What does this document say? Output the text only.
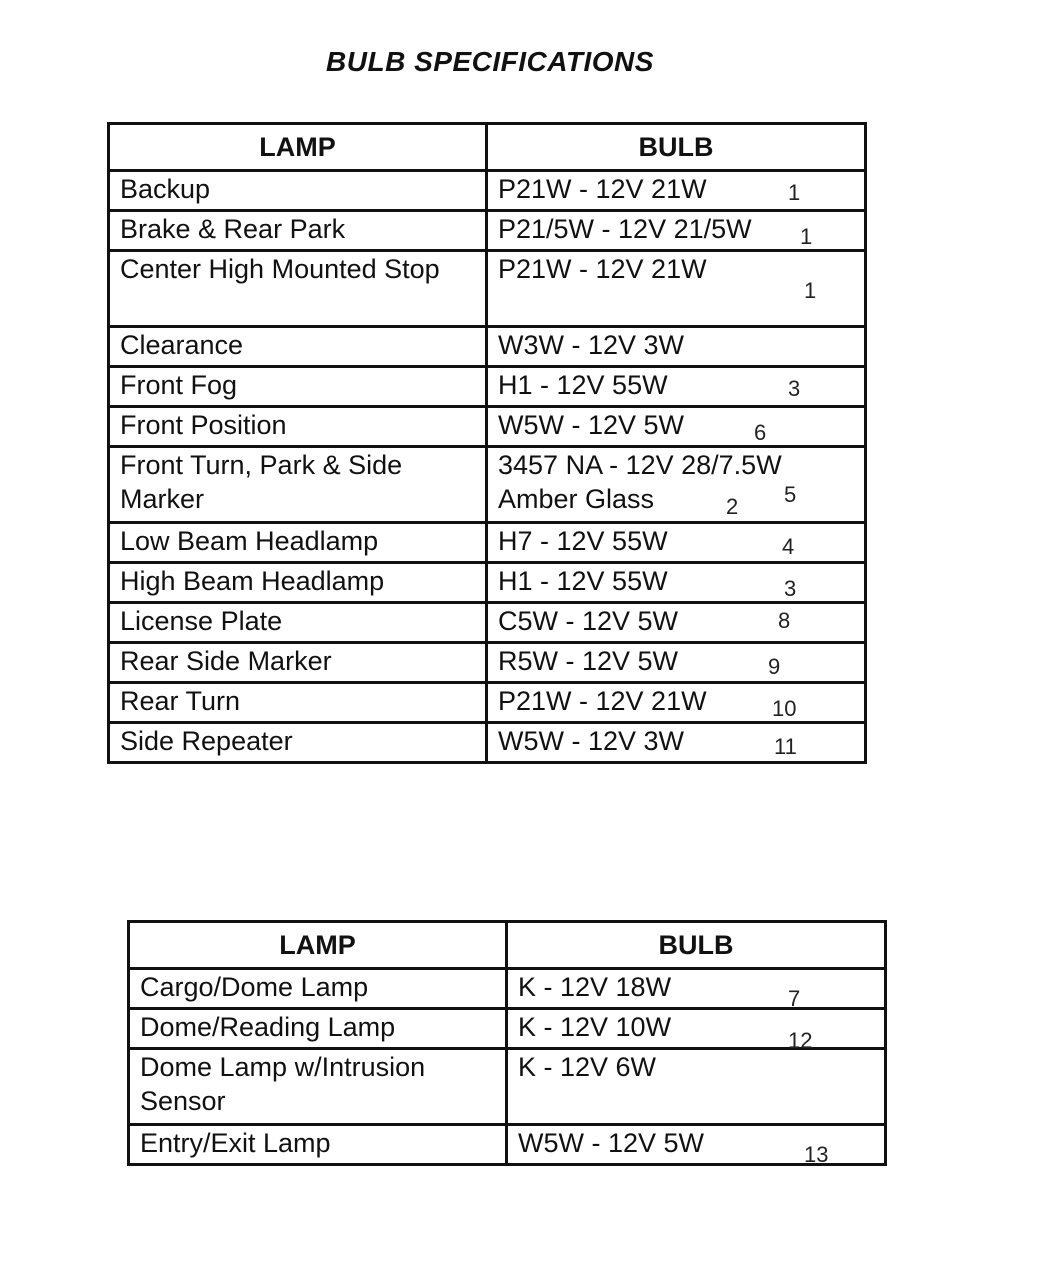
BULB SPECIFICATIONS
LAMP	BULB
Backup	P21W - 12V 21W 1

Brake & Rear Park	P21/5W - 12V 21/5W 1

Center High Mounted Stop	P21W - 12V 21W
1

Clearance	W3W - 12V 3W
Front Fog	H1 - 12V 55W 3

Front Position	W5W - 12V 5W 6

Front Turn, Park & Side Marker	3457 NA - 12V 28/7.5W Amber Glass 2 5

Low Beam Headlamp	H7 - 12V 55W 4

High Beam Headlamp	H1 - 12V 55W 3

License Plate	C5W - 12V 5W 8

Rear Side Marker	R5W - 12V 5W 9

Rear Turn	P21W - 12V 21W 10

Side Repeater	W5W - 12V 3W 11
LAMP	BULB
Cargo/Dome Lamp	K - 12V 18W 7

Dome/Reading Lamp	K - 12V 10W 12

Dome Lamp w/Intrusion Sensor	K - 12V 6W
Entry/Exit Lamp	W5W - 12V 5W 13
